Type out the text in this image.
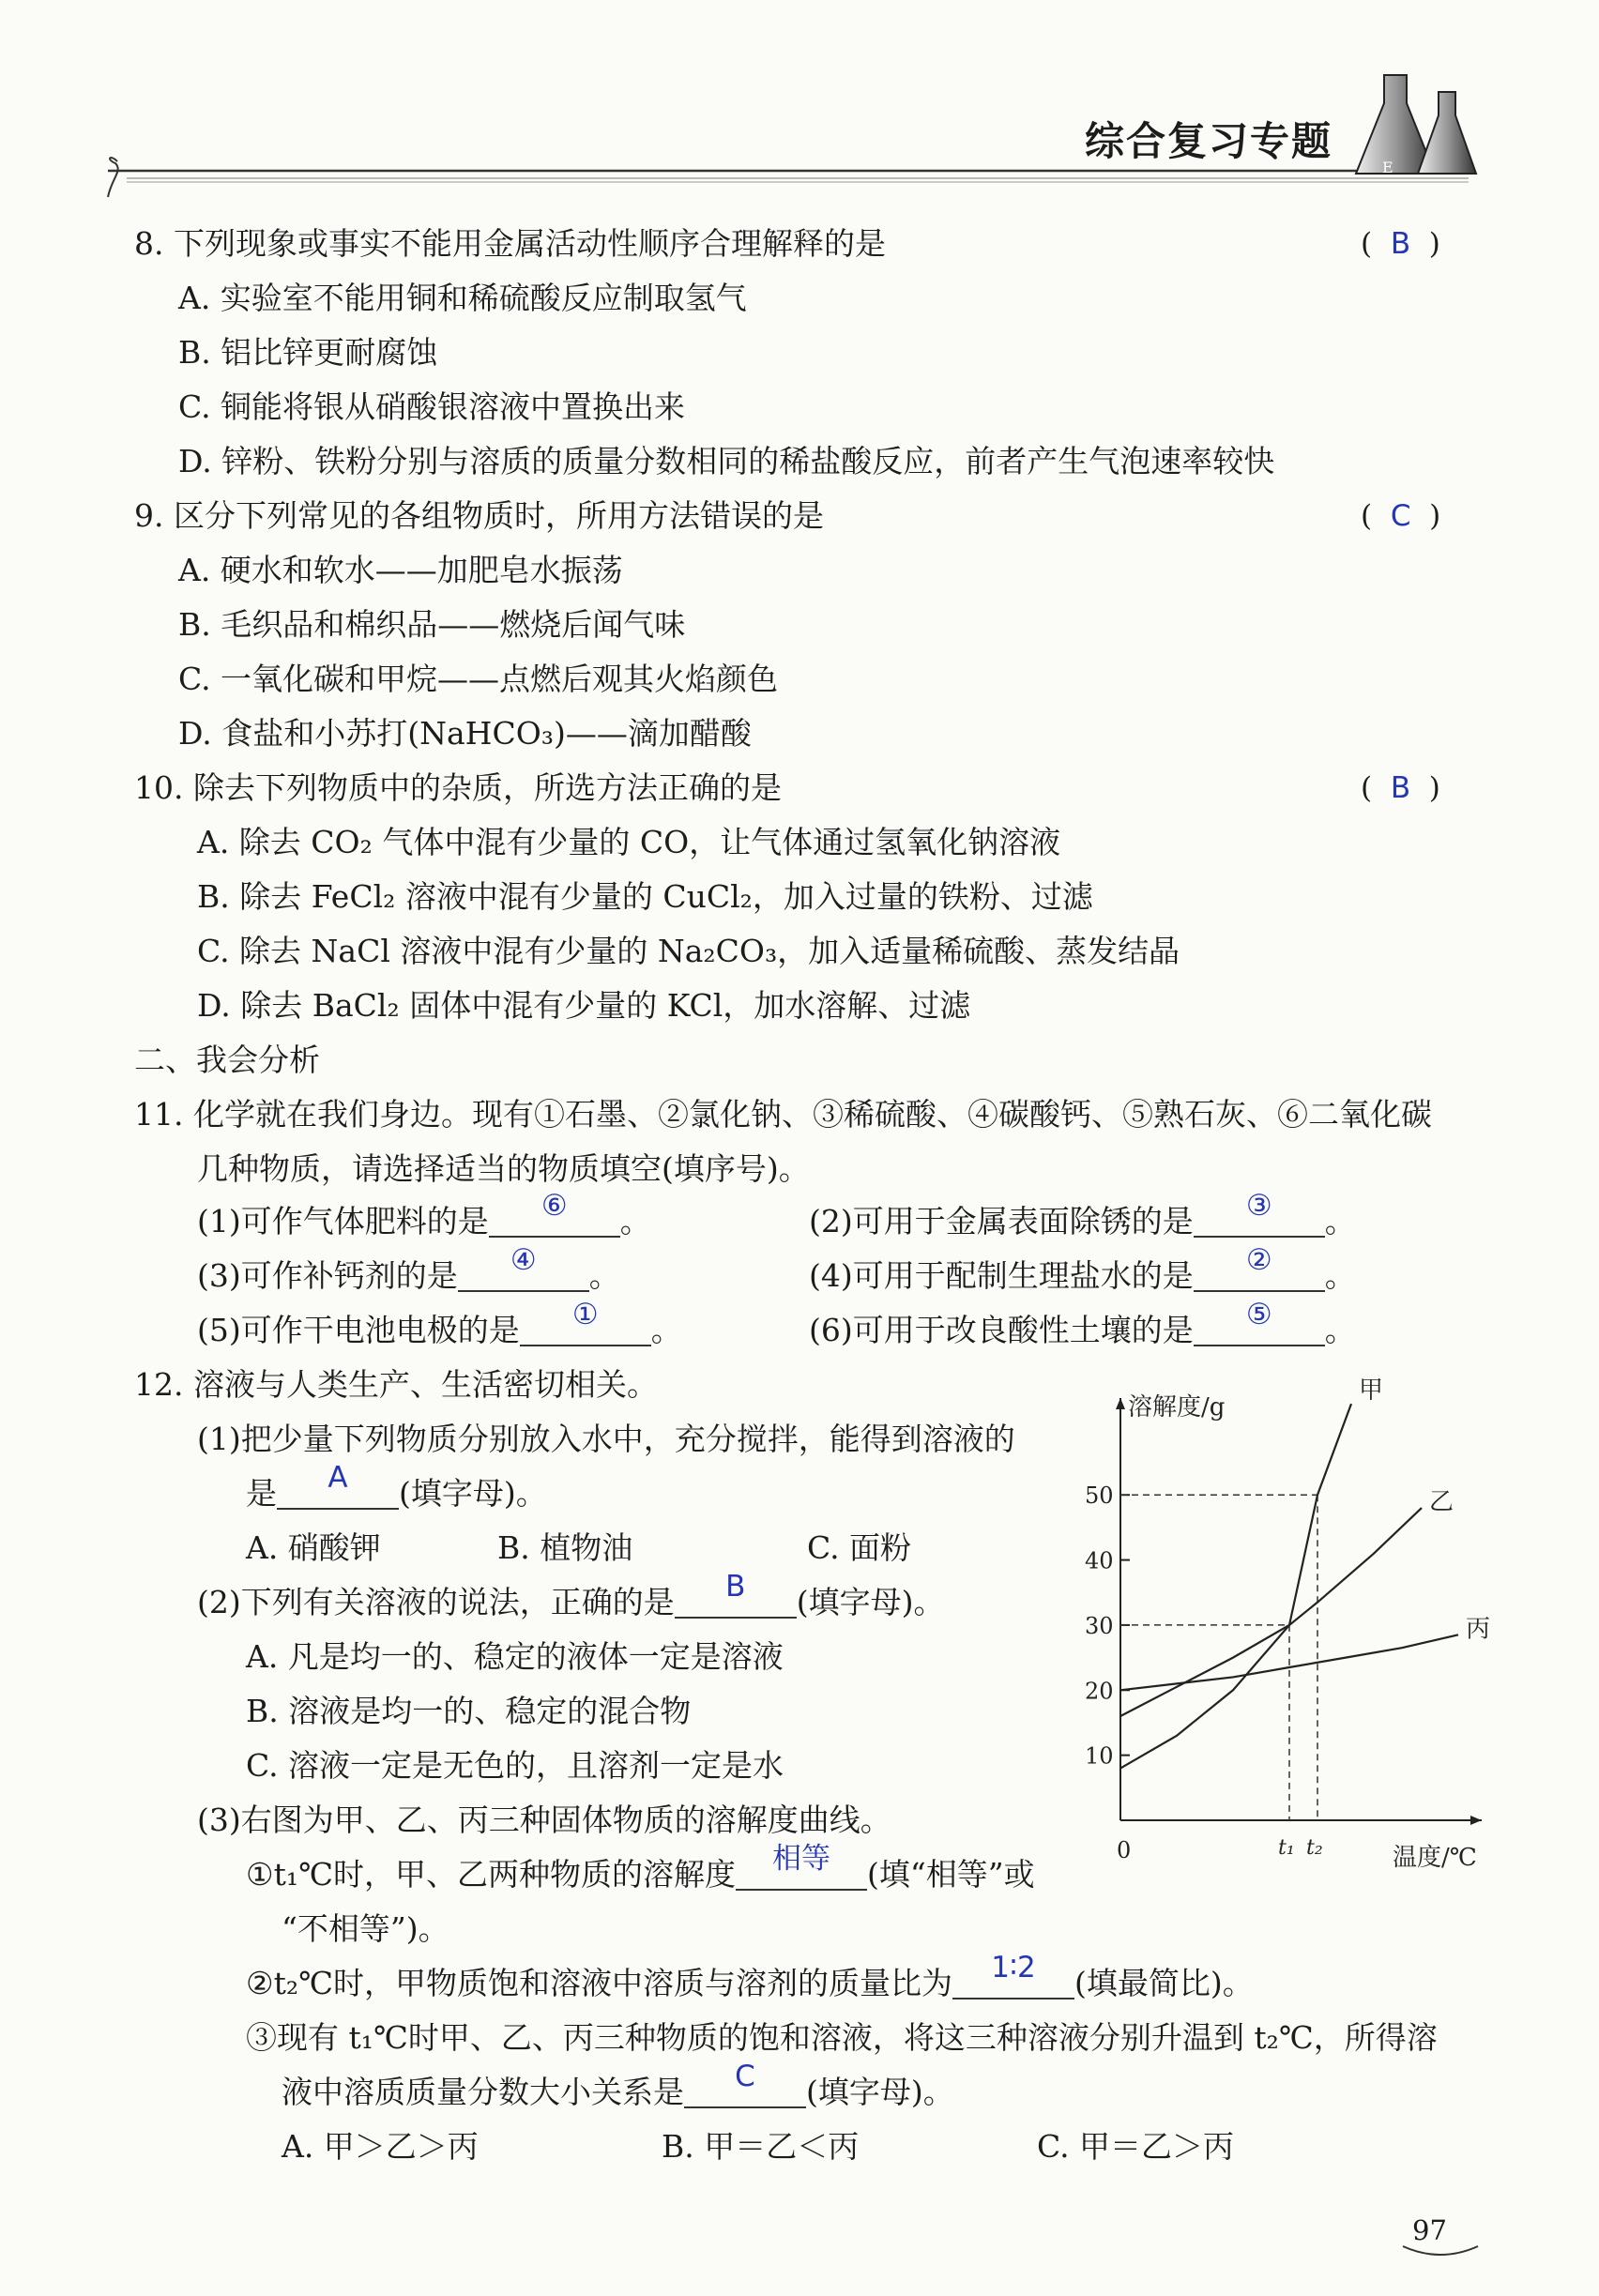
综合复习专题
E
8. 下列现象或事实不能用金属活动性顺序合理解释的是	(  B  )
A. 实验室不能用铜和稀硫酸反应制取氢气
B. 铝比锌更耐腐蚀
C. 铜能将银从硝酸银溶液中置换出来
D. 锌粉、铁粉分别与溶质的质量分数相同的稀盐酸反应，前者产生气泡速率较快
9. 区分下列常见的各组物质时，所用方法错误的是	(  C  )
A. 硬水和软水——加肥皂水振荡
B. 毛织品和棉织品——燃烧后闻气味
C. 一氧化碳和甲烷——点燃后观其火焰颜色
D. 食盐和小苏打(NaHCO₃)——滴加醋酸
10. 除去下列物质中的杂质，所选方法正确的是	(  B  )
A. 除去 CO₂ 气体中混有少量的 CO，让气体通过氢氧化钠溶液
B. 除去 FeCl₂ 溶液中混有少量的 CuCl₂，加入过量的铁粉、过滤
C. 除去 NaCl 溶液中混有少量的 Na₂CO₃，加入适量稀硫酸、蒸发结晶
D. 除去 BaCl₂ 固体中混有少量的 KCl，加水溶解、过滤
二、我会分析
11. 化学就在我们身边。现有①石墨、②氯化钠、③稀硫酸、④碳酸钙、⑤熟石灰、⑥二氧化碳
几种物质，请选择适当的物质填空(填序号)。
(1)可作气体肥料的是	⑥	。	(2)可用于金属表面除锈的是	③	。
(3)可作补钙剂的是	④	。	(4)可用于配制生理盐水的是	②	。
(5)可作干电池电极的是	①	。	(6)可用于改良酸性土壤的是	⑤	。
12. 溶液与人类生产、生活密切相关。
(1)把少量下列物质分别放入水中，充分搅拌，能得到溶液的
是	A	(填字母)。
A. 硝酸钾	B. 植物油	C. 面粉
(2)下列有关溶液的说法，正确的是	B	(填字母)。
A. 凡是均一的、稳定的液体一定是溶液
B. 溶液是均一的、稳定的混合物
C. 溶液一定是无色的，且溶剂一定是水
(3)右图为甲、乙、丙三种固体物质的溶解度曲线。
①t₁℃时，甲、乙两种物质的溶解度	相等	(填“相等”或
“不相等”)。
②t₂℃时，甲物质饱和溶液中溶质与溶剂的质量比为	1∶2	(填最简比)。
③现有 t₁℃时甲、乙、丙三种物质的饱和溶液，将这三种溶液分别升温到 t₂℃，所得溶
液中溶质质量分数大小关系是	C	(填字母)。
A. 甲＞乙＞丙	B. 甲＝乙＜丙	C. 甲＝乙＞丙
溶解度/g
温度/℃
0
10
20
30
40
50
t₁ t₂
甲
乙
丙
97
